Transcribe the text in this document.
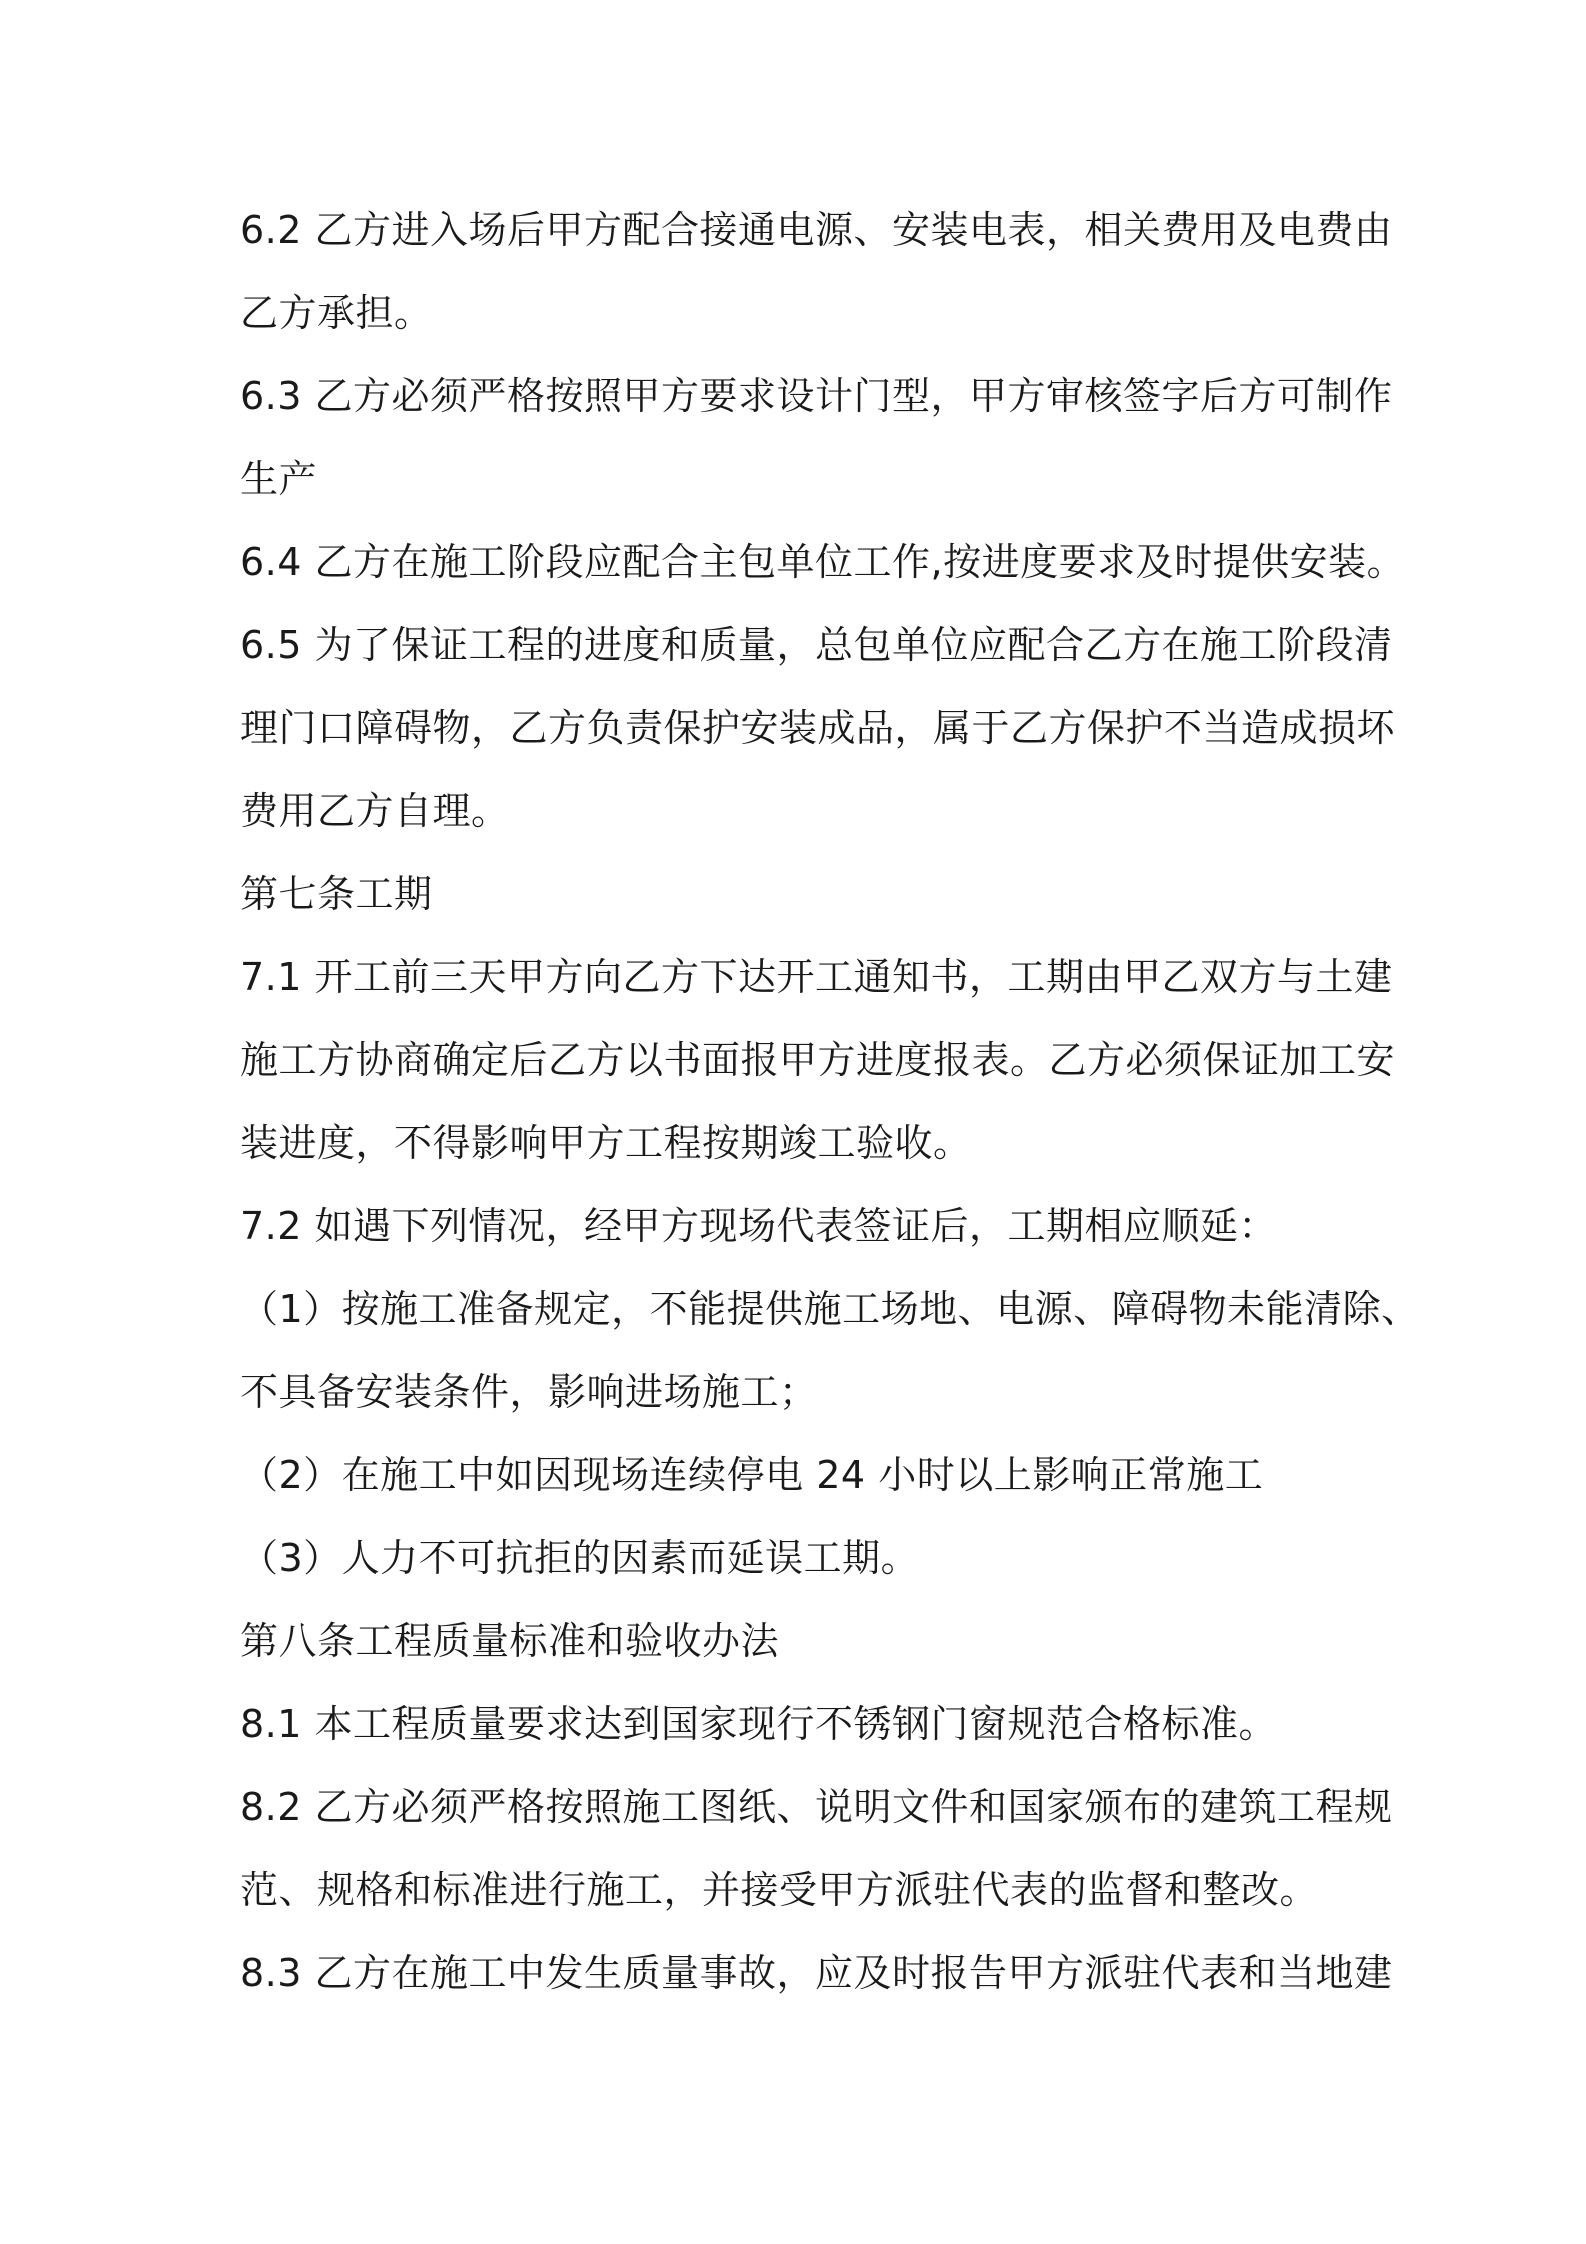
6.2 乙方进入场后甲方配合接通电源、安装电表，相关费用及电费由
乙方承担。
6.3 乙方必须严格按照甲方要求设计门型，甲方审核签字后方可制作
生产
6.4 乙方在施工阶段应配合主包单位工作,按进度要求及时提供安装。
6.5 为了保证工程的进度和质量，总包单位应配合乙方在施工阶段清
理门口障碍物，乙方负责保护安装成品，属于乙方保护不当造成损坏
费用乙方自理。
第七条工期
7.1 开工前三天甲方向乙方下达开工通知书，工期由甲乙双方与土建
施工方协商确定后乙方以书面报甲方进度报表。乙方必须保证加工安
装进度，不得影响甲方工程按期竣工验收。
7.2 如遇下列情况，经甲方现场代表签证后，工期相应顺延：
（1）按施工准备规定，不能提供施工场地、电源、障碍物未能清除、
不具备安装条件，影响进场施工；
（2）在施工中如因现场连续停电 24 小时以上影响正常施工
（3）人力不可抗拒的因素而延误工期。
第八条工程质量标准和验收办法
8.1 本工程质量要求达到国家现行不锈钢门窗规范合格标准。
8.2 乙方必须严格按照施工图纸、说明文件和国家颁布的建筑工程规
范、规格和标准进行施工，并接受甲方派驻代表的监督和整改。
8.3 乙方在施工中发生质量事故，应及时报告甲方派驻代表和当地建
